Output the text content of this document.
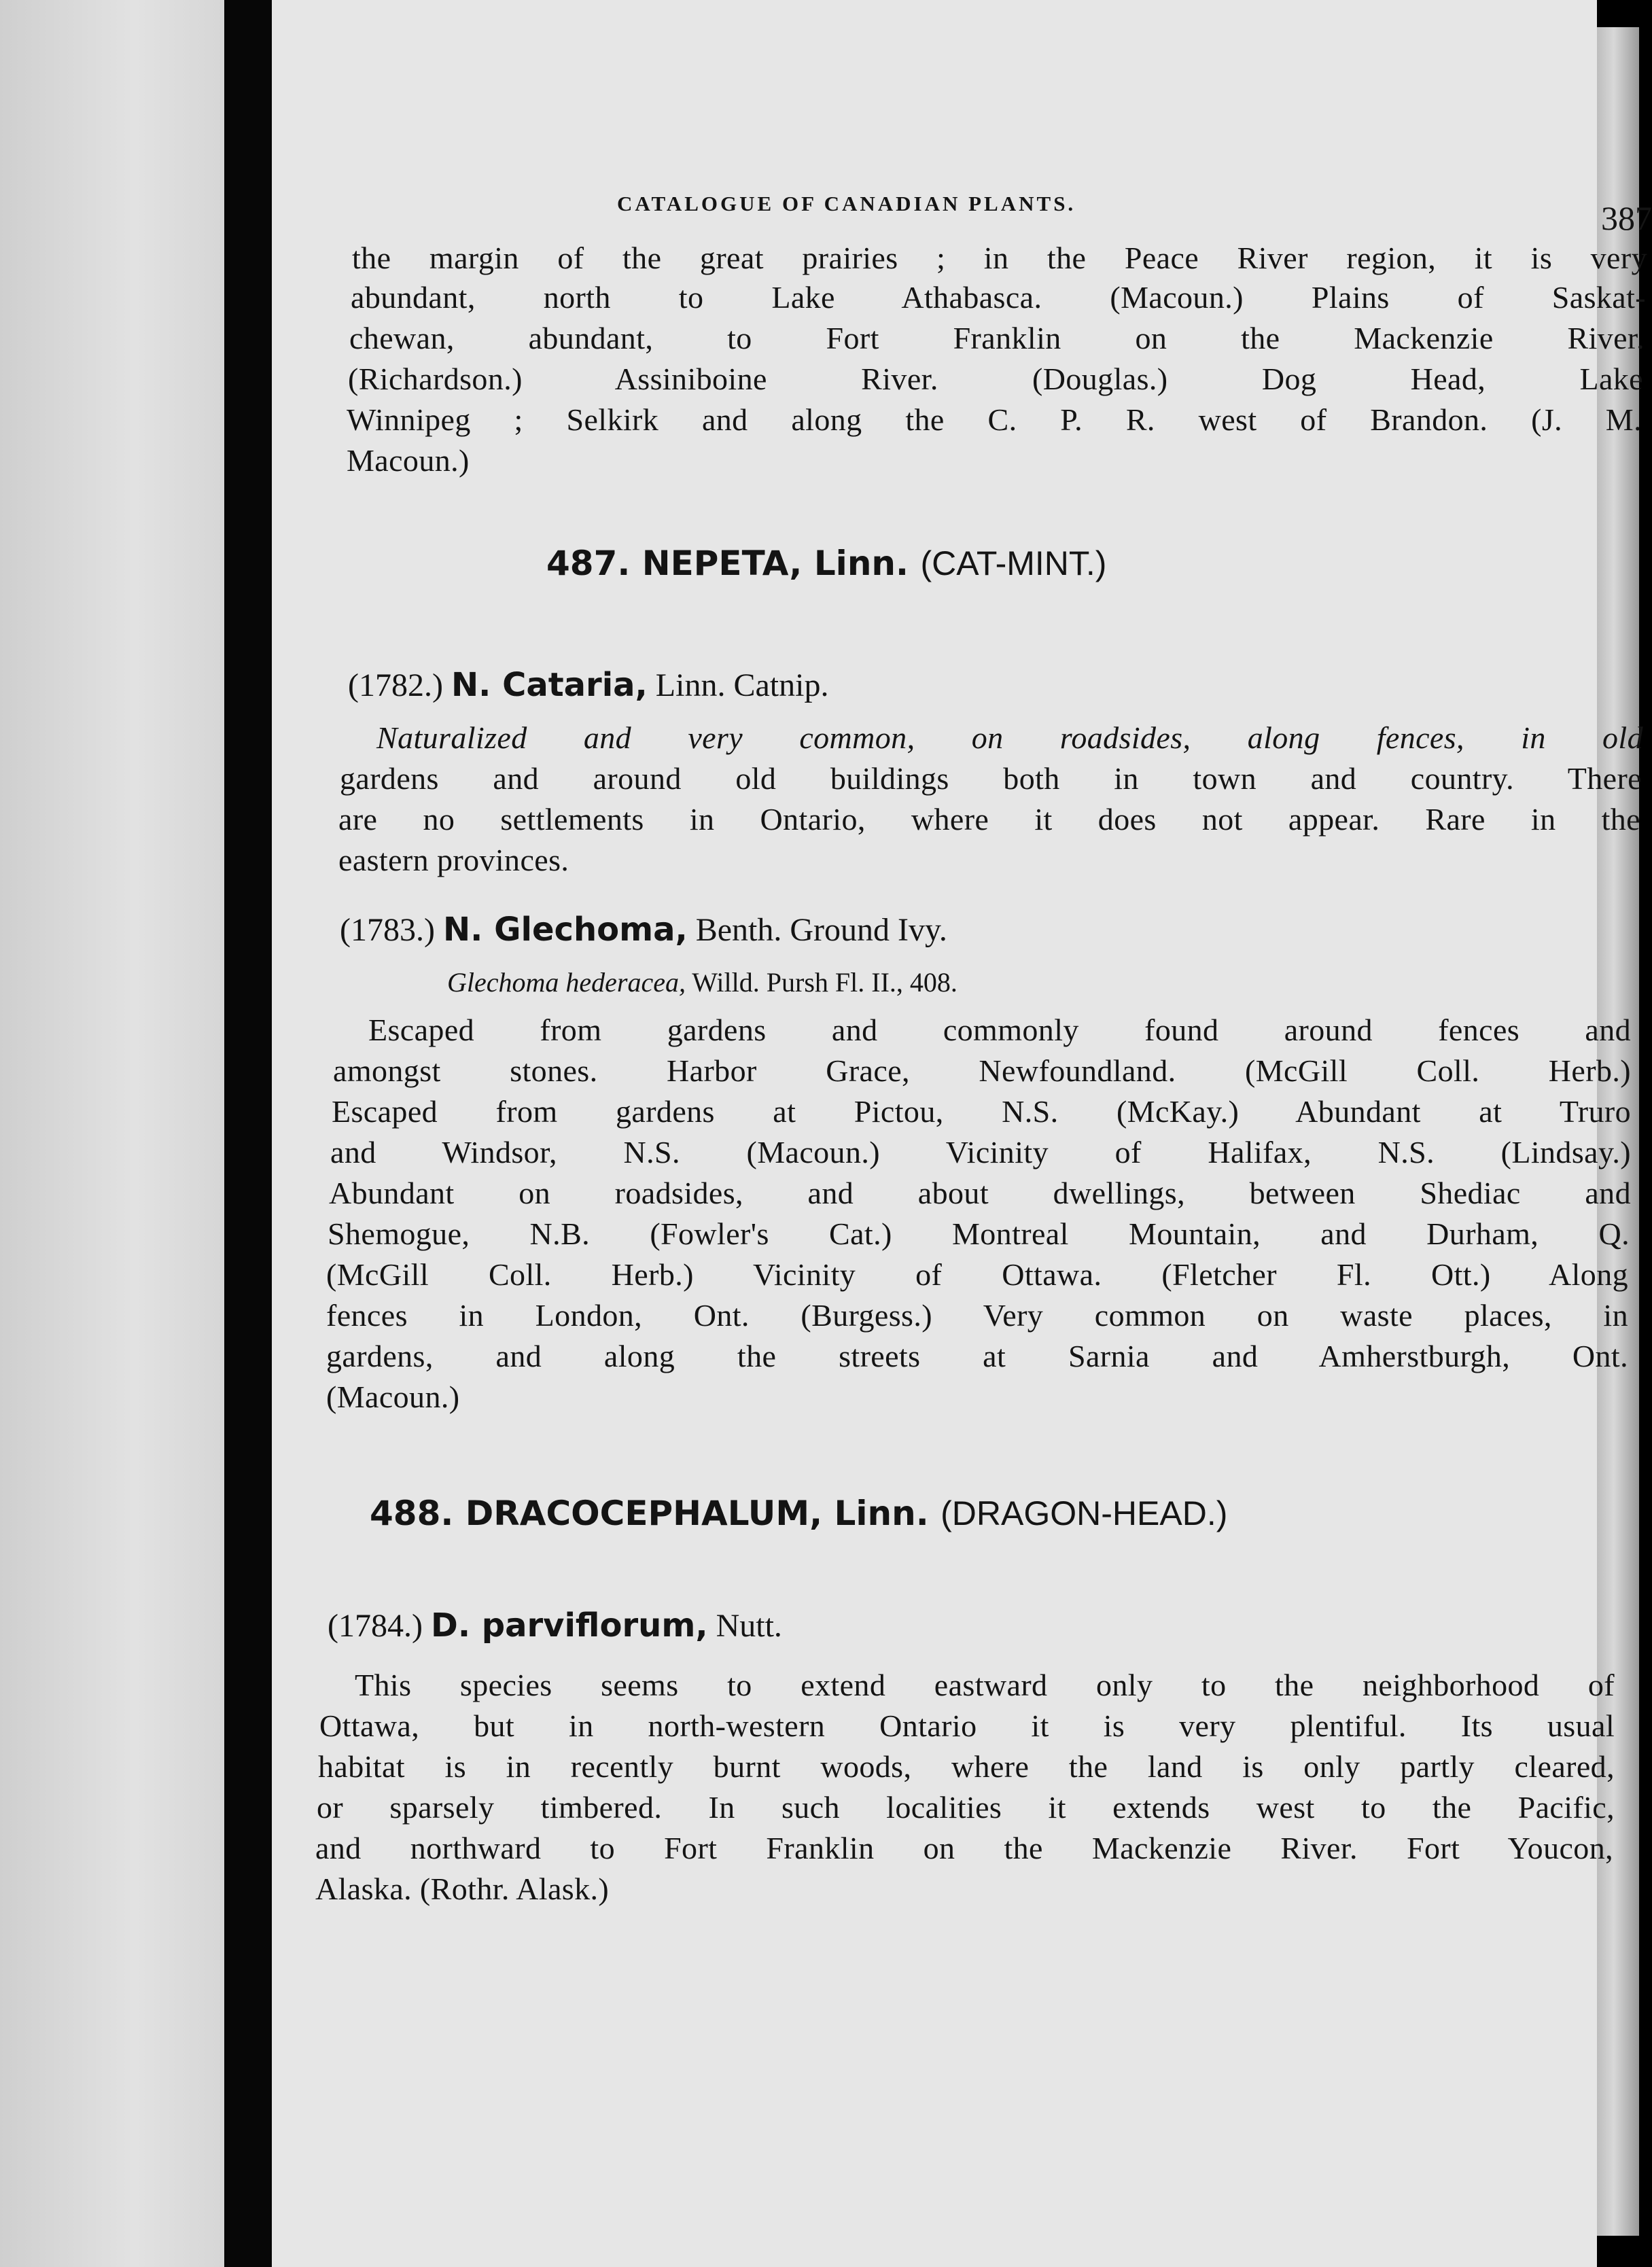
CATALOGUE OF CANADIAN PLANTS.	387
the margin of the great prairies ; in the Peace River region, it is very
abundant, north to Lake Athabasca. (Macoun.) Plains of Saskat-
chewan, abundant, to Fort Franklin on the Mackenzie River.
(Richardson.) Assiniboine River. (Douglas.) Dog Head, Lake
Winnipeg ; Selkirk and along the C. P. R. west of Brandon. (J. M.
Macoun.)
487. NEPETA, Linn. (CAT-MINT.)
(1782.) N. Cataria, Linn. Catnip.
Naturalized and very common, on roadsides, along fences, in old
gardens and around old buildings both in town and country. There
are no settlements in Ontario, where it does not appear. Rare in the
eastern provinces.
(1783.) N. Glechoma, Benth. Ground Ivy.
Glechoma hederacea, Willd. Pursh Fl. II., 408.
Escaped from gardens and commonly found around fences and
amongst stones. Harbor Grace, Newfoundland. (McGill Coll. Herb.)
Escaped from gardens at Pictou, N.S. (McKay.) Abundant at Truro
and Windsor, N.S. (Macoun.) Vicinity of Halifax, N.S. (Lindsay.)
Abundant on roadsides, and about dwellings, between Shediac and
Shemogue, N.B. (Fowler's Cat.) Montreal Mountain, and Durham, Q.
(McGill Coll. Herb.) Vicinity of Ottawa. (Fletcher Fl. Ott.) Along
fences in London, Ont. (Burgess.) Very common on waste places, in
gardens, and along the streets at Sarnia and Amherstburgh, Ont.
(Macoun.)
488. DRACOCEPHALUM, Linn. (DRAGON-HEAD.)
(1784.) D. parviflorum, Nutt.
This species seems to extend eastward only to the neighborhood of
Ottawa, but in north-western Ontario it is very plentiful. Its usual
habitat is in recently burnt woods, where the land is only partly cleared,
or sparsely timbered. In such localities it extends west to the Pacific,
and northward to Fort Franklin on the Mackenzie River. Fort Youcon,
Alaska. (Rothr. Alask.)
